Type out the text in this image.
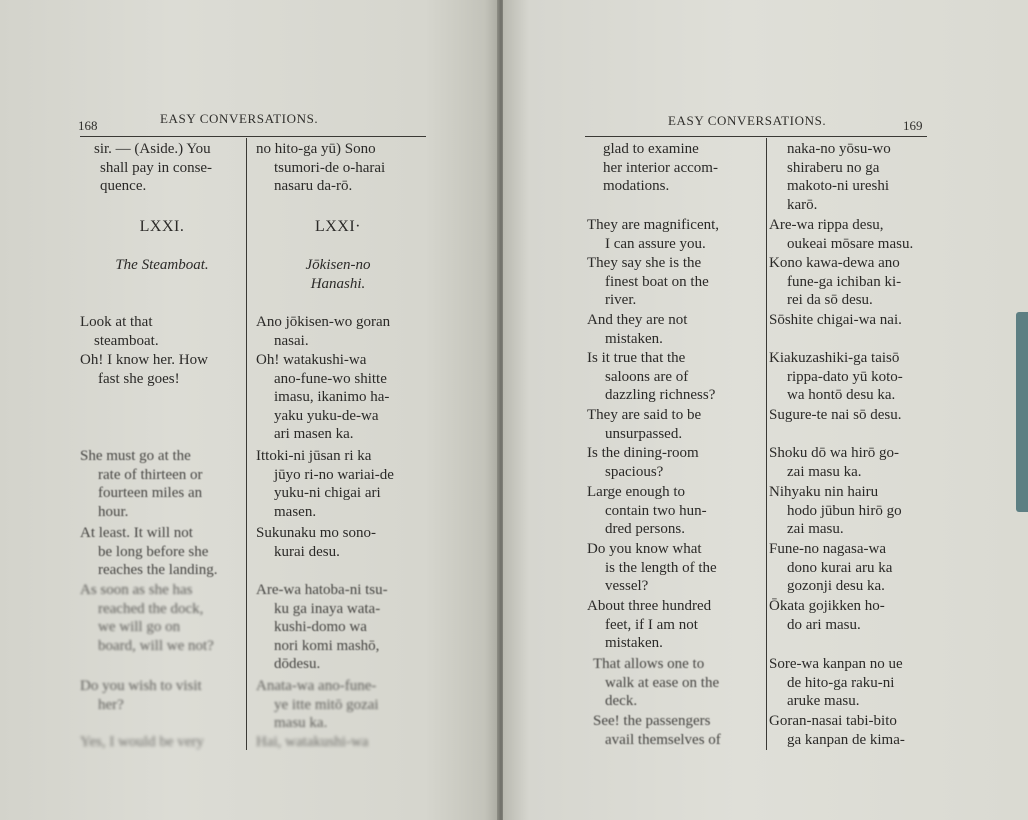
168	EASY CONVERSATIONS.
sir. — (Aside.) You
shall pay in conse-
quence.
LXXI.
The Steamboat.
Look at that
steamboat.
Oh! I know her. How
fast she goes!
She must go at the
rate of thirteen or
fourteen miles an
hour.
At least. It will not
be long before she
reaches the landing.
As soon as she has
reached the dock,
we will go on
board, will we not?
Do you wish to visit
her?
Yes, I would be very
no hito-ga yū) Sono
tsumori-de o-harai
nasaru da-rō.
LXXI·
Jōkisen-no
Hanashi.
Ano jōkisen-wo goran
nasai.
Oh! watakushi-wa
ano-fune-wo shitte
imasu, ikanimo ha-
yaku yuku-de-wa
ari masen ka.
Ittoki-ni jūsan ri ka
jūyo ri-no wariai-de
yuku-ni chigai ari
masen.
Sukunaku mo sono-
kurai desu.
Are-wa hatoba-ni tsu-
ku ga inaya wata-
kushi-domo wa
nori komi mashō,
dōdesu.
Anata-wa ano-fune-
ye itte mitō gozai
masu ka.
Hai, watakushi-wa
EASY CONVERSATIONS.	169
glad to examine
her interior accom-
modations.
They are magnificent,
I can assure you.
They say she is the
finest boat on the
river.
And they are not
mistaken.
Is it true that the
saloons are of
dazzling richness?
They are said to be
unsurpassed.
Is the dining-room
spacious?
Large enough to
contain two hun-
dred persons.
Do you know what
is the length of the
vessel?
About three hundred
feet, if I am not
mistaken.
That allows one to
walk at ease on the
deck.
See! the passengers
avail themselves of
naka-no yōsu-wo
shiraberu no ga
makoto-ni ureshi
karō.
Are-wa rippa desu,
oukeai mōsare masu.
Kono kawa-dewa ano
fune-ga ichiban ki-
rei da sō desu.
Sōshite chigai-wa nai.
Kiakuzashiki-ga taisō
rippa-dato yū koto-
wa hontō desu ka.
Sugure-te nai sō desu.
Shoku dō wa hirō go-
zai masu ka.
Nihyaku nin hairu
hodo jūbun hirō go
zai masu.
Fune-no nagasa-wa
dono kurai aru ka
gozonji desu ka.
Ōkata gojikken ho-
do ari masu.
Sore-wa kanpan no ue
de hito-ga raku-ni
aruke masu.
Goran-nasai tabi-bito
ga kanpan de kima-
